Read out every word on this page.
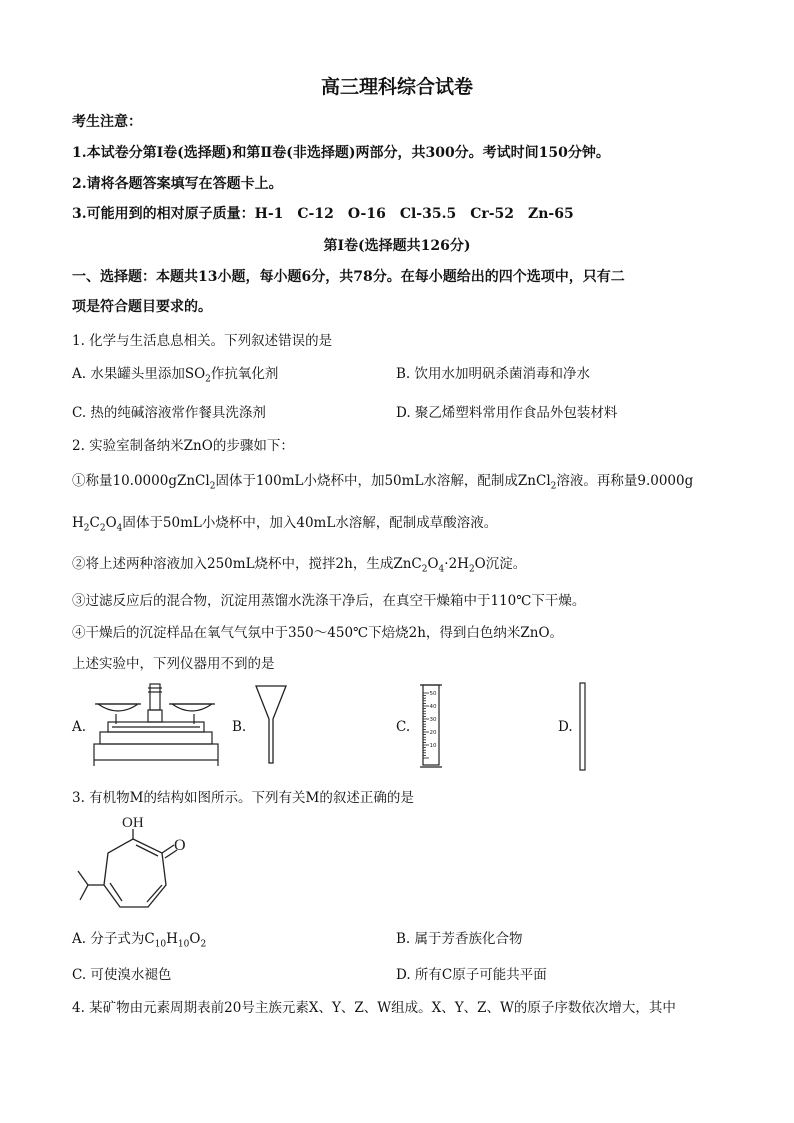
高三理科综合试卷
考生注意：
1.本试卷分第Ⅰ卷(选择题)和第Ⅱ卷(非选择题)两部分，共300分。考试时间150分钟。
2.请将各题答案填写在答题卡上。
3.可能用到的相对原子质量：H-1　C-12　O-16　Cl-35.5　Cr-52　Zn-65
第Ⅰ卷(选择题共126分)
一、选择题：本题共13小题，每小题6分，共78分。在每小题给出的四个选项中，只有二
项是符合题目要求的。
1. 化学与生活息息相关。下列叙述错误的是
A. 水果罐头里添加$SO_2$作抗氧化剂	B. 饮用水加明矾杀菌消毒和净水
C. 热的纯碱溶液常作餐具洗涤剂	D. 聚乙烯塑料常用作食品外包装材料
2. 实验室制备纳米ZnO的步骤如下：
①称量10.0000gZnCl$_2$固体于100mL小烧杯中，加50mL水溶解，配制成ZnCl$_2$溶液。再称量9.0000g
$H_2C_2O_4$固体于50mL小烧杯中，加入40mL水溶解，配制成草酸溶液。
②将上述两种溶液加入250mL烧杯中，搅拌2h，生成$ZnC_2O_4\cdot 2H_2O$沉淀。
③过滤反应后的混合物，沉淀用蒸馏水洗涤干净后，在真空干燥箱中于110℃下干燥。
④干燥后的沉淀样品在氧气气氛中于350～450℃下焙烧2h，得到白色纳米ZnO。
上述实验中，下列仪器用不到的是
A.	B.	C.	D.
50
40
30
20
10
3. 有机物M的结构如图所示。下列有关M的叙述正确的是
OH
O
A. 分子式为$C_{10}H_{10}O_2$	B. 属于芳香族化合物
C. 可使溴水褪色	D. 所有C原子可能共平面
4. 某矿物由元素周期表前20号主族元素X、Y、Z、W组成。X、Y、Z、W的原子序数依次增大，其中
